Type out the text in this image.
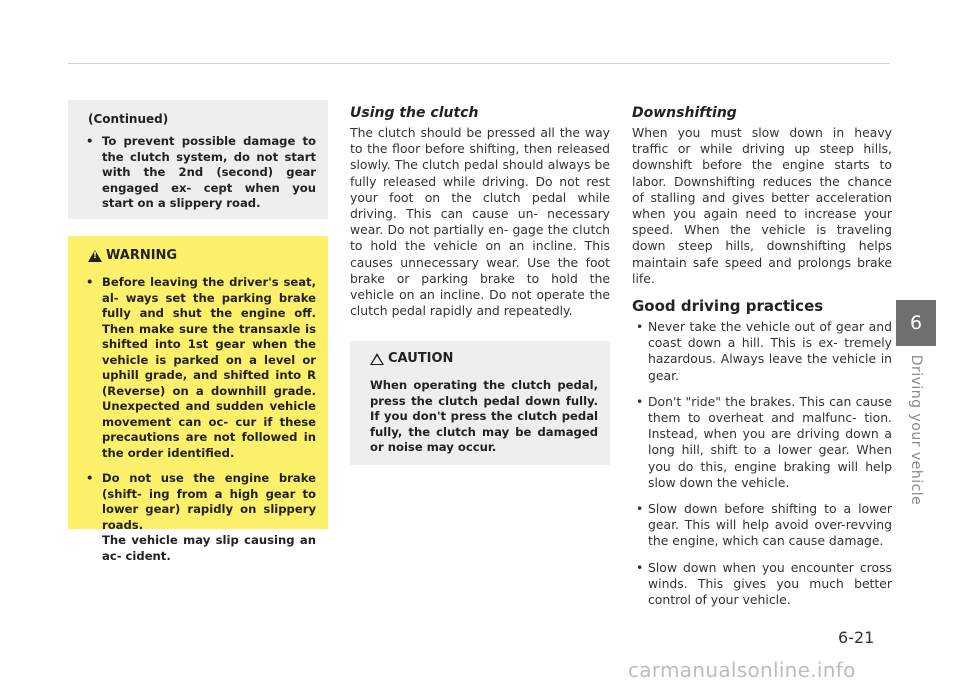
(Continued)
• To prevent possible damage to the clutch system, do not start with the 2nd (second) gear engaged ex- cept when you start on a slippery road.
!
WARNING
• Before leaving the driver's seat, al- ways set the parking brake fully and shut the engine off. Then make sure the transaxle is shifted into 1st gear when the vehicle is parked on a level or uphill grade, and shifted into R (Reverse) on a downhill grade. Unexpected and sudden vehicle movement can oc- cur if these precautions are not followed in the order identified.
• Do not use the engine brake (shift- ing from a high gear to lower gear) rapidly on slippery roads.
The vehicle may slip causing an ac- cident.
Using the clutch

The clutch should be pressed all the way to the floor before shifting, then released slowly. The clutch pedal should always be fully released while driving. Do not rest your foot on the clutch pedal while driving. This can cause un- necessary wear. Do not partially en- gage the clutch to hold the vehicle on an incline. This causes unnecessary wear. Use the foot brake or parking brake to hold the vehicle on an incline. Do not operate the clutch pedal rapidly and repeatedly.

CAUTION

When operating the clutch pedal, press the clutch pedal down fully. If you don't press the clutch pedal fully, the clutch may be damaged or noise may occur.

Downshifting

When you must slow down in heavy traffic or while driving up steep hills, downshift before the engine starts to labor. Downshifting reduces the chance of stalling and gives better acceleration when you again need to increase your speed. When the vehicle is traveling down steep hills, downshifting helps maintain safe speed and prolongs brake life.

Good driving practices
• Never take the vehicle out of gear and coast down a hill. This is ex- tremely hazardous. Always leave the vehicle in gear.
• Don't "ride" the brakes. This can cause them to overheat and malfunc- tion. Instead, when you are driving down a long hill, shift to a lower gear. When you do this, engine braking will help slow down the vehicle.
• Slow down before shifting to a lower gear. This will help avoid over-revving the engine, which can cause damage.
• Slow down when you encounter cross winds. This gives you much better control of your vehicle.
6
Driving your vehicle
6-21
carmanualsonline.info
